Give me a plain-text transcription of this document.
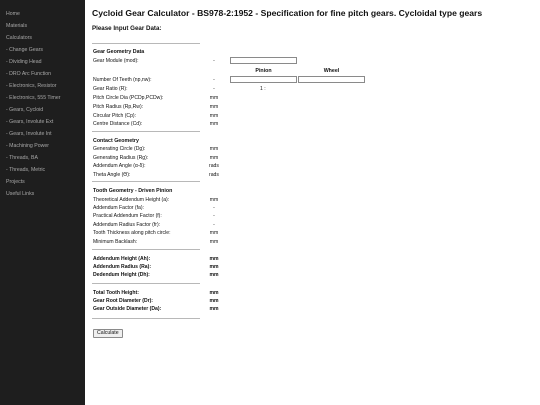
Home
Materials
Calculators
- Change Gears
- Dividing Head
- DRO Arc Function
- Electronics, Resistor
- Electronics, 555 Timer
- Gears, Cycloid
- Gears, Involute Ext
- Gears, Involute Int
- Machining Power
- Threads, BA
- Threads, Metric
Projects
Useful Links
Cycloid Gear Calculator - BS978-2:1952 - Specification for fine pitch gears. Cycloidal type gears
Please Input Gear Data:
Gear Geometry Data
Gear Module (mod):	-
Pinion	Wheel
Number Of Teeth (np,nw):	-
Gear Ratio (R):	-	1 :
Pitch Circle Dia (PCDp,PCDw):	mm
Pitch Radius (Rp,Rw):	mm
Circular Pitch (Cp):	mm
Centre Distance (Cd):	mm
Contact Geometry
Generating Circle (Dg):	mm
Generating Radius (Rg):	mm
Addendum Angle (α-δ):	rads
Theta Angle (Θ):	rads
Tooth Geometry - Driven Pinion
Theoretical Addendum Height (a):	mm
Addendum Factor (fa):	-
Practical Addendum Factor (f):	-
Addendum Radius Factor (fr):	-
Tooth Thickness along pitch circle:	mm
Minimum Backlash:	mm
Addendum Height (Ah):	mm
Addendum Radius (Ra):	mm
Dedendum Height (Dh):	mm
Total Tooth Height:	mm
Gear Root Diameter (Dr):	mm
Gear Outside Diameter (Da):	mm
Calculate
